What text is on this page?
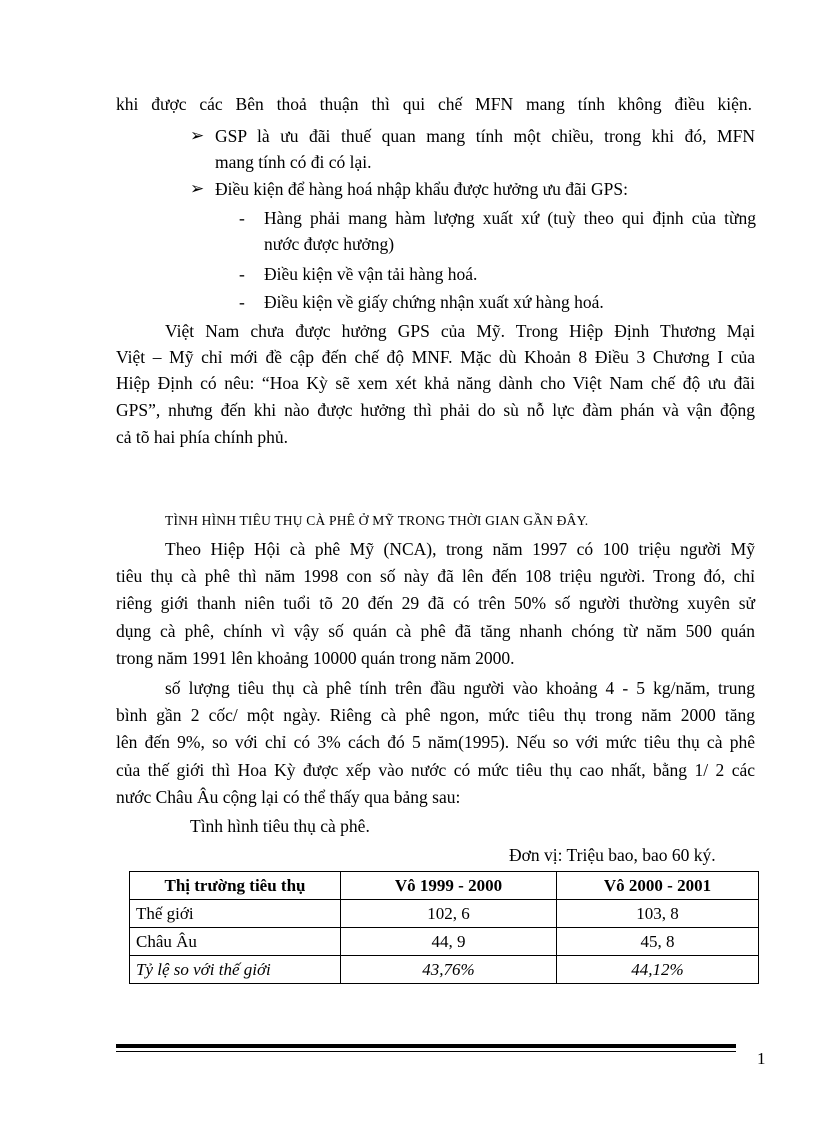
khi được các Bên thoả thuận thì qui chế MFN mang tính không điều kiện.
➢ GSP là ưu đãi thuế quan mang tính một chiều, trong khi đó, MFN
mang tính có đi có lại.
➢ Điều kiện để hàng hoá nhập khẩu được hưởng ưu đãi GPS:
- Hàng phải mang hàm lượng xuất xứ (tuỳ theo qui định của từng
nước được hưởng)
- Điều kiện về vận tải hàng hoá.
- Điều kiện về giấy chứng nhận xuất xứ hàng hoá.
Việt Nam chưa được hưởng GPS của Mỹ. Trong Hiệp Định Thương Mại
Việt – Mỹ chỉ mới đề cập đến chế độ MNF. Mặc dù Khoản 8 Điều 3 Chương I của
Hiệp Định có nêu: “Hoa Kỳ sẽ xem xét khả năng dành cho Việt Nam chế độ ưu đãi
GPS”, nhưng đến khi nào được hưởng thì phải do sù nỗ lực đàm phán và vận động
cả tõ hai phía chính phủ.
TÌNH HÌNH TIÊU THỤ CÀ PHÊ Ở MỸ TRONG THỜI GIAN GẦN ĐÂY.
Theo Hiệp Hội cà phê Mỹ (NCA), trong năm 1997 có 100 triệu người Mỹ
tiêu thụ cà phê thì năm 1998 con số này đã lên đến 108 triệu người. Trong đó, chỉ
riêng giới thanh niên tuổi tõ 20 đến 29 đã có trên 50% số người thường xuyên sử
dụng cà phê, chính vì vậy số quán cà phê đã tăng nhanh chóng từ năm 500 quán
trong năm 1991 lên khoảng 10000 quán trong năm 2000.
số lượng tiêu thụ cà phê tính trên đầu người vào khoảng 4 - 5 kg/năm, trung
bình gần 2 cốc/ một ngày. Riêng cà phê ngon, mức tiêu thụ trong năm 2000 tăng
lên đến 9%, so với chỉ có 3% cách đó 5 năm(1995). Nếu so với mức tiêu thụ cà phê
của thế giới thì Hoa Kỳ được xếp vào nước có mức tiêu thụ cao nhất, bằng 1/ 2 các
nước Châu Âu cộng lại có thể thấy qua bảng sau:
Tình hình tiêu thụ cà phê.
Đơn vị: Triệu bao, bao 60 ký.
Thị trường tiêu thụ	Vô 1999 - 2000	Vô 2000 - 2001
Thế giới	102, 6	103, 8
Châu Âu	44, 9	45, 8
Tỷ lệ so với thế giới	43,76%	44,12%
1
